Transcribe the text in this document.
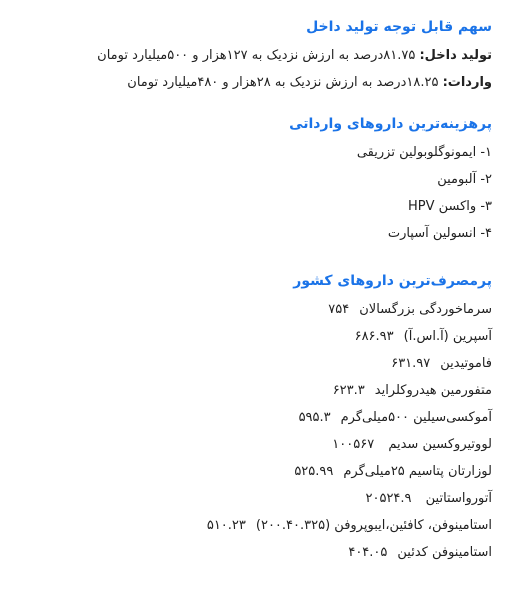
سهم قابل توجه تولید داخل
تولید داخل: ۸۱.۷۵درصد به ارزش نزدیک به ۱۲۷هزار و ۵۰۰میلیارد تومان
واردات: ۱۸.۲۵درصد به ارزش نزدیک به ۲۸هزار و ۴۸۰میلیارد تومان
پرهزینه‌ترین داروهای وارداتی
۱- ایمونوگلوبولین تزریقی
۲- آلبومین
۳- واکسن HPV
۴- انسولین آسپارت
پرمصرف‌ترین داروهای کشور
سرماخوردگی بزرگسالان۷۵۴
آسپرین (آ.اس.آ)۶۸۶.۹۳
فاموتیدین۶۳۱.۹۷
متفورمین هیدروکلراید۶۲۳.۳
آموکسی‌سیلین ۵۰۰میلی‌گرم۵۹۵.۳
لووتیروکسین سدیم ۱۰۰۵۶۷
لوزارتان پتاسیم ۲۵میلی‌گرم۵۲۵.۹۹
آتورواستاتین ۲۰۵۲۴.۹
استامینوفن، کافئین،ایبوپروفن (۲۰۰.۴۰.۳۲۵)۵۱۰.۲۳
استامینوفن کدئین۴۰۴.۰۵
